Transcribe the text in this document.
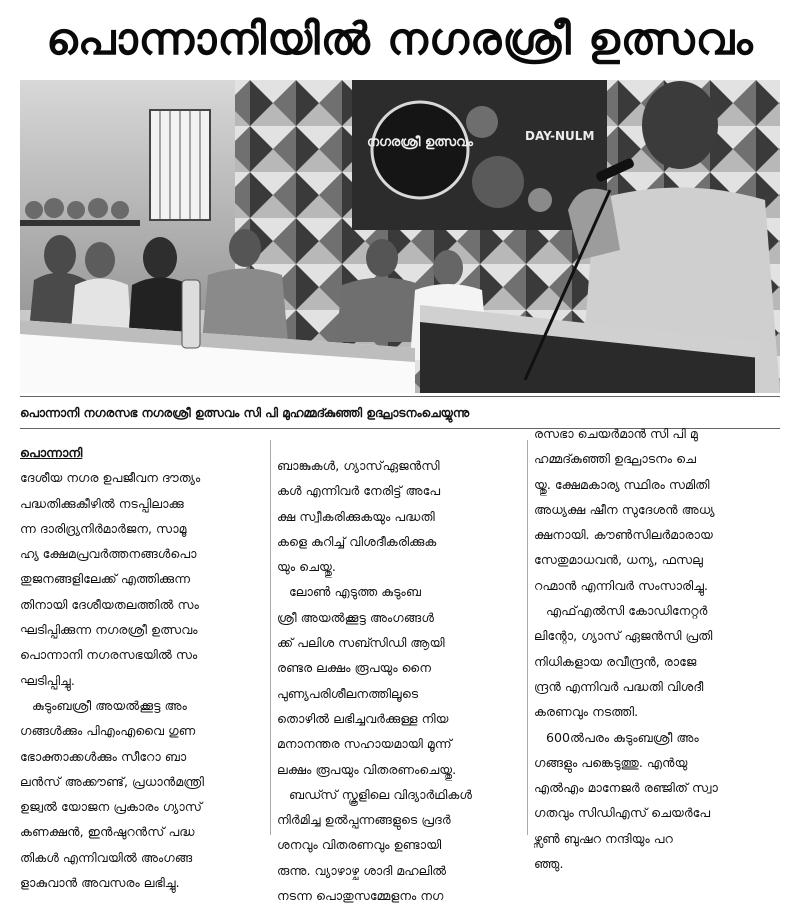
പൊന്നാനിയിൽ നഗരശ്രീ ഉത്സവം
നഗരശ്രീ ഉത്സവം	DAY-NULM
പൊന്നാനി നഗരസഭ നഗരശ്രീ ഉത്സവം സി പി മുഹമ്മദ്കുഞ്ഞി ഉദ്ഘാടനംചെയ്യുന്നു
പൊന്നാനി
ദേശീയ നഗര ഉപജീവന ദൗത്യം
പദ്ധതിക്കുകീഴിൽ നടപ്പിലാക്കു
ന്ന ദാരിദ്ര്യനിർമാർജന, സാമൂ
ഹ്യ ക്ഷേമപ്രവർത്തനങ്ങൾപൊ
തുജനങ്ങളിലേക്ക് എത്തിക്കുന്ന
തിനായി ദേശീയതലത്തിൽ സം
ഘടിപ്പിക്കുന്ന നഗരശ്രീ ഉത്സവം
പൊന്നാനി നഗരസഭയിൽ സം
ഘടിപ്പിച്ചു.
കുടുംബശ്രീ അയൽക്കൂട്ട അം
ഗങ്ങൾക്കും പിഎംഎവൈ ഗുണ
ഭോക്താക്കൾക്കും സീറോ ബാ
ലൻസ് അക്കൗണ്ട്, പ്രധാൻമന്ത്രി
ഉജ്വൽ യോജന പ്രകാരം ഗ്യാസ്
കണക്ഷൻ, ഇൻഷുറൻസ് പദ്ധ
തികൾ എന്നിവയിൽ അംഗങ്ങ
ളാകുവാൻ അവസരം ലഭിച്ചു.
ബാങ്കുകൾ, ഗ്യാസ്ഏജൻസി
കൾ എന്നിവർ നേരിട്ട് അപേ
ക്ഷ സ്വീകരിക്കുകയും പദ്ധതി
കളെ കുറിച്ച് വിശദീകരിക്കുക
യും ചെയ്തു.
ലോൺ എടുത്ത കുടുംബ
ശ്രീ അയൽക്കൂട്ട അംഗങ്ങൾ
ക്ക് പലിശ സബ്സിഡി ആയി
രണ്ടര ലക്ഷം രൂപയും നൈ
പുണ്യപരിശീലനത്തിലൂടെ
തൊഴിൽ ലഭിച്ചവർക്കുള്ള നിയ
മനാനന്തര സഹായമായി മൂന്ന്
ലക്ഷം രൂപയും വിതരണംചെയ്തു.
ബഡ്സ് സ്കൂളിലെ വിദ്യാർഥികൾ
നിർമിച്ച ഉൽപ്പന്നങ്ങളുടെ പ്രദർ
ശനവും വിതരണവും ഉണ്ടായി
രുന്നു. വ്യാഴാഴ്ച ശാദി മഹലിൽ
നടന്ന പൊതുസമ്മേളനം നഗ
രസഭാ ചെയർമാൻ സി പി മു
ഹമ്മദ്കുഞ്ഞി ഉദ്ഘാടനം ചെ
യ്തു. ക്ഷേമകാര്യ സ്ഥിരം സമിതി
അധ്യക്ഷ ഷീന സുദേശൻ അധ്യ
ക്ഷനായി. കൗൺസിലർമാരായ
സേതുമാധവൻ, ധന്യ, ഫസലു
റഹ്മാൻ എന്നിവർ സംസാരിച്ചു.
എഫ്എൽസി കോഡിനേറ്റർ
ലിന്റോ, ഗ്യാസ് ഏജൻസി പ്രതി
നിധികളായ രവീന്ദ്രൻ, രാജേ
ന്ദ്രൻ എന്നിവർ പദ്ധതി വിശദീ
കരണവും നടത്തി.
600ൽപരം കുടുംബശ്രീ അം
ഗങ്ങളും പങ്കെടുത്തു. എൻയു
എൽഎം മാനേജർ രഞ്ജിത് സ്വാ
ഗതവും സിഡിഎസ് ചെയർപേ
ഴ്സൺ ബുഷറ നന്ദിയും പറ
ഞ്ഞു.
